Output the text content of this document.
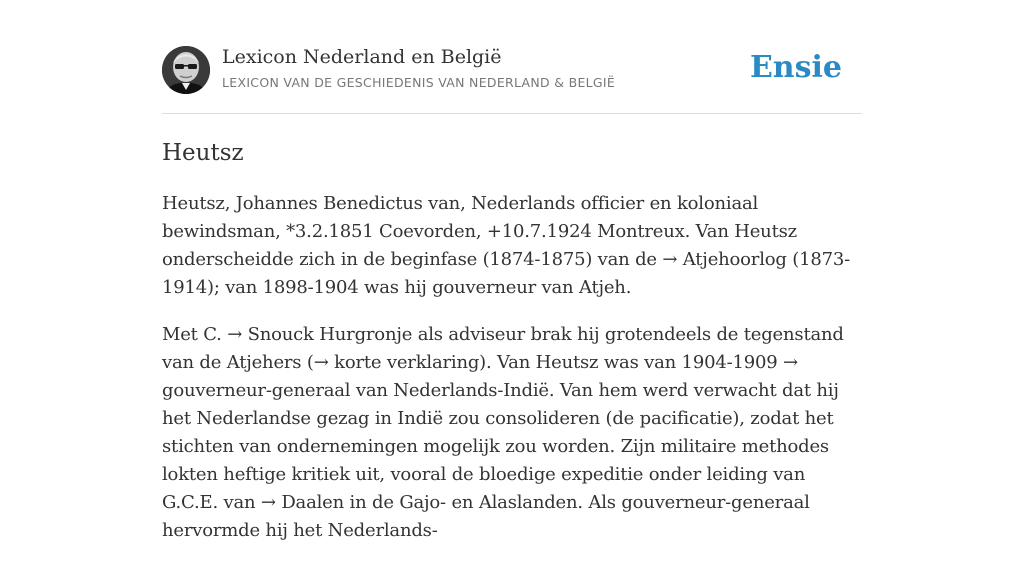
Lexicon Nederland en België
LEXICON VAN DE GESCHIEDENIS VAN NEDERLAND & BELGIË	Ensie
Heutsz

Heutsz, Johannes Benedictus van, Nederlands officier en koloniaal bewindsman, *3.2.1851 Coevorden, +10.7.1924 Montreux. Van Heutsz onderscheidde zich in de beginfase (1874-1875) van de → Atjehoorlog (1873-1914); van 1898-1904 was hij gouverneur van Atjeh.

Met C. → Snouck Hurgronje als adviseur brak hij grotendeels de tegenstand van de Atjehers (→ korte verklaring). Van Heutsz was van 1904-1909 → gouverneur-generaal van Nederlands-Indië. Van hem werd verwacht dat hij het Nederlandse gezag in Indië zou consolideren (de pacificatie), zodat het stichten van ondernemingen mogelijk zou worden. Zijn militaire methodes lokten heftige kritiek uit, vooral de bloedige expeditie onder leiding van G.C.E. van → Daalen in de Gajo- en Alaslanden. Als gouverneur-generaal hervormde hij het Nederlands-
